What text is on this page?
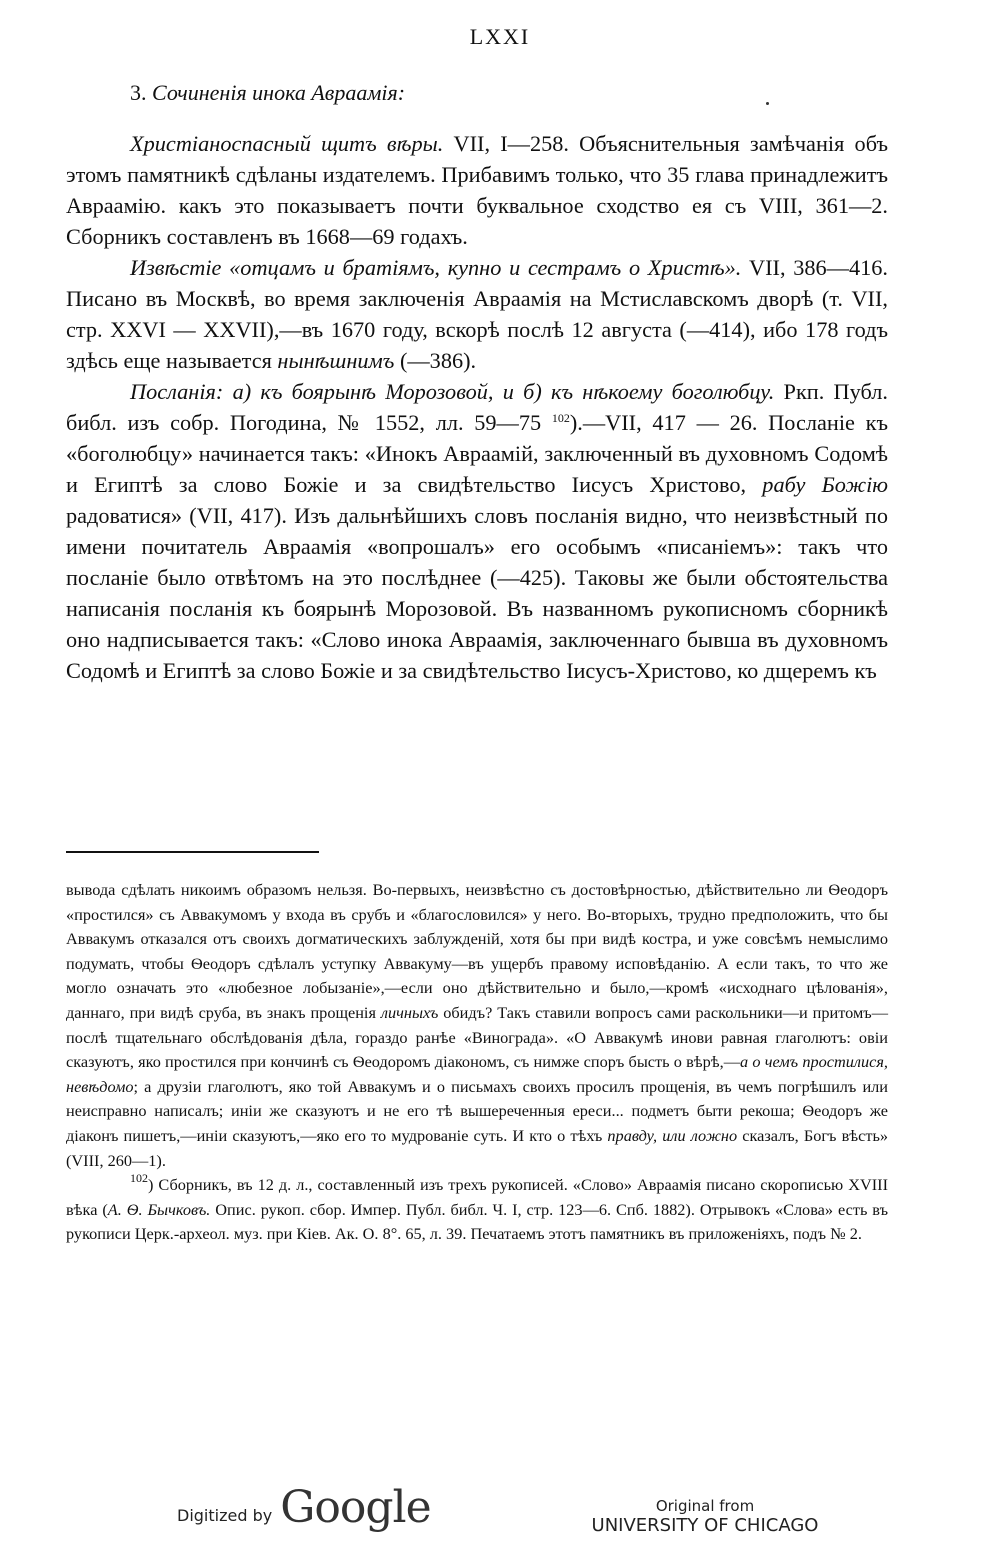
LXXI
3. Сочиненія инока Авраамія:

Христіаноспасный щитъ вѣры. VII, I—258. Объяснительныя замѣчанія объ этомъ памятникѣ сдѣланы издателемъ. Прибавимъ только, что 35 глава принадлежитъ Авраамію. какъ это показываетъ почти буквальное сходство ея съ VIII, 361—2. Сборникъ составленъ въ 1668—69 годахъ.

Извѣстіе «отцамъ и братіямъ, купно и сестрамъ о Христѣ». VII, 386—416. Писано въ Москвѣ, во время заключенія Авраамія на Мстиславскомъ дворѣ (т. VII, стр. XXVI — XXVII),—въ 1670 году, вскорѣ послѣ 12 августа (—414), ибо 178 годъ здѣсь еще называется нынѣшнимъ (—386).

Посланія: а) къ боярынѣ Морозовой, и б) къ нѣкоему боголюбцу. Ркп. Публ. библ. изъ собр. Погодина, № 1552, лл. 59—75 $^{102}$).—VII, 417 — 26. Посланіе къ «боголюбцу» начинается такъ: «Инокъ Авраамій, заключенный въ духовномъ Содомѣ и Египтѣ за слово Божіе и за свидѣтельство Іисусъ Христово, рабу Божію радоватися» (VII, 417). Изъ дальнѣйшихъ словъ посланія видно, что неизвѣстный по имени почитатель Авраамія «вопрошалъ» его особымъ «писаніемъ»: такъ что посланіе было отвѣтомъ на это послѣднее (—425). Таковы же были обстоятельства написанія посланія къ боярынѣ Морозовой. Въ названномъ рукописномъ сборникѣ оно надписывается такъ: «Слово инока Авраамія, заключеннаго бывша въ духовномъ Содомѣ и Египтѣ за слово Божіе и за свидѣтельство Іисусъ-Христово, ко дщеремъ къ

вывода сдѣлать никоимъ образомъ нельзя. Во-первыхъ, неизвѣстно съ достовѣрностью, дѣйствительно ли Ѳеодоръ «простился» съ Аввакумомъ у входа въ срубъ и «благословился» у него. Во-вторыхъ, трудно предположить, что бы Аввакумъ отказался отъ своихъ догматическихъ заблужденій, хотя бы при видѣ костра, и уже совсѣмъ немыслимо подумать, чтобы Ѳеодоръ сдѣлалъ уступку Аввакуму—въ ущербъ правому исповѣданію. А если такъ, то что же могло означать это «любезное лобызаніе»,—если оно дѣйствительно и было,—кромѣ «исходнаго цѣлованія», даннаго, при видѣ сруба, въ знакъ прощенія личныхъ обидъ? Такъ ставили вопросъ сами раскольники—и притомъ—послѣ тщательнаго обслѣдованія дѣла, гораздо ранѣе «Винограда». «О Аввакумѣ инови равная глаголютъ: овіи сказуютъ, яко простился при кончинѣ съ Ѳеодоромъ діакономъ, съ нимже споръ бысть о вѣрѣ,—а о чемъ простилися, невѣдомо; а друзіи глаголютъ, яко той Аввакумъ и о письмахъ своихъ просилъ прощенія, въ чемъ погрѣшилъ или неисправно написалъ; иніи же сказуютъ и не его тѣ вышереченныя ереси... подметъ быти рекоша; Ѳеодоръ же діаконъ пишетъ,—иніи сказуютъ,—яко его то мудрованіе суть. И кто о тѣхъ правду, или ложно сказалъ, Богъ вѣсть» (VIII, 260—1).

$^{102}$) Сборникъ, въ 12 д. л., составленный изъ трехъ рукописей. «Слово» Авраамія писано скорописью XVIII вѣка (А. Ѳ. Бычковъ. Опис. рукоп. сбор. Импер. Публ. библ. Ч. I, стр. 123—6. Спб. 1882). Отрывокъ «Слова» есть въ рукописи Церк.-археол. муз. при Кіев. Ак. О. 8°. 65, л. 39. Печатаемъ этотъ памятникъ въ приложеніяхъ, подъ № 2.

Digitized by Google	Original from
UNIVERSITY OF CHICAGO
